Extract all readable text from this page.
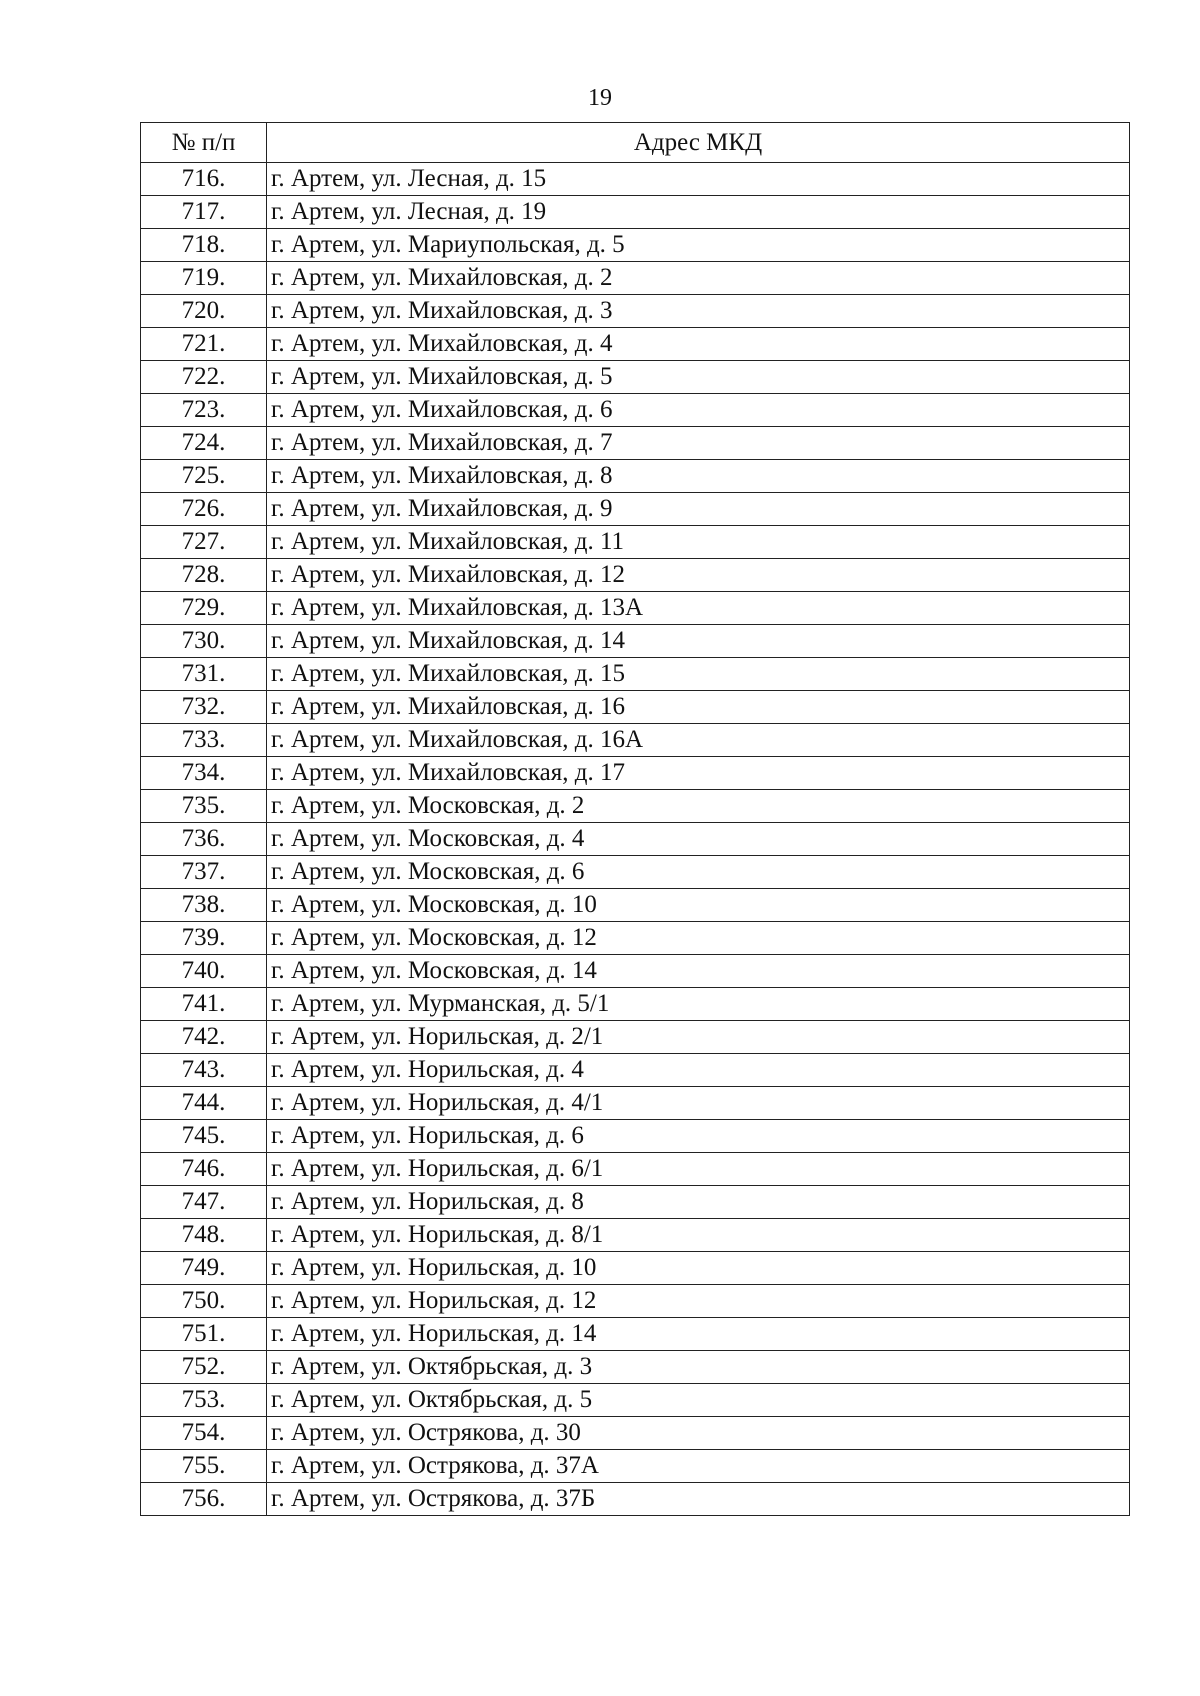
19
№ п/п	Адрес МКД
716.	г. Артем, ул. Лесная, д. 15
717.	г. Артем, ул. Лесная, д. 19
718.	г. Артем, ул. Мариупольская, д. 5
719.	г. Артем, ул. Михайловская, д. 2
720.	г. Артем, ул. Михайловская, д. 3
721.	г. Артем, ул. Михайловская, д. 4
722.	г. Артем, ул. Михайловская, д. 5
723.	г. Артем, ул. Михайловская, д. 6
724.	г. Артем, ул. Михайловская, д. 7
725.	г. Артем, ул. Михайловская, д. 8
726.	г. Артем, ул. Михайловская, д. 9
727.	г. Артем, ул. Михайловская, д. 11
728.	г. Артем, ул. Михайловская, д. 12
729.	г. Артем, ул. Михайловская, д. 13А
730.	г. Артем, ул. Михайловская, д. 14
731.	г. Артем, ул. Михайловская, д. 15
732.	г. Артем, ул. Михайловская, д. 16
733.	г. Артем, ул. Михайловская, д. 16А
734.	г. Артем, ул. Михайловская, д. 17
735.	г. Артем, ул. Московская, д. 2
736.	г. Артем, ул. Московская, д. 4
737.	г. Артем, ул. Московская, д. 6
738.	г. Артем, ул. Московская, д. 10
739.	г. Артем, ул. Московская, д. 12
740.	г. Артем, ул. Московская, д. 14
741.	г. Артем, ул. Мурманская, д. 5/1
742.	г. Артем, ул. Норильская, д. 2/1
743.	г. Артем, ул. Норильская, д. 4
744.	г. Артем, ул. Норильская, д. 4/1
745.	г. Артем, ул. Норильская, д. 6
746.	г. Артем, ул. Норильская, д. 6/1
747.	г. Артем, ул. Норильская, д. 8
748.	г. Артем, ул. Норильская, д. 8/1
749.	г. Артем, ул. Норильская, д. 10
750.	г. Артем, ул. Норильская, д. 12
751.	г. Артем, ул. Норильская, д. 14
752.	г. Артем, ул. Октябрьская, д. 3
753.	г. Артем, ул. Октябрьская, д. 5
754.	г. Артем, ул. Острякова, д. 30
755.	г. Артем, ул. Острякова, д. 37А
756.	г. Артем, ул. Острякова, д. 37Б
